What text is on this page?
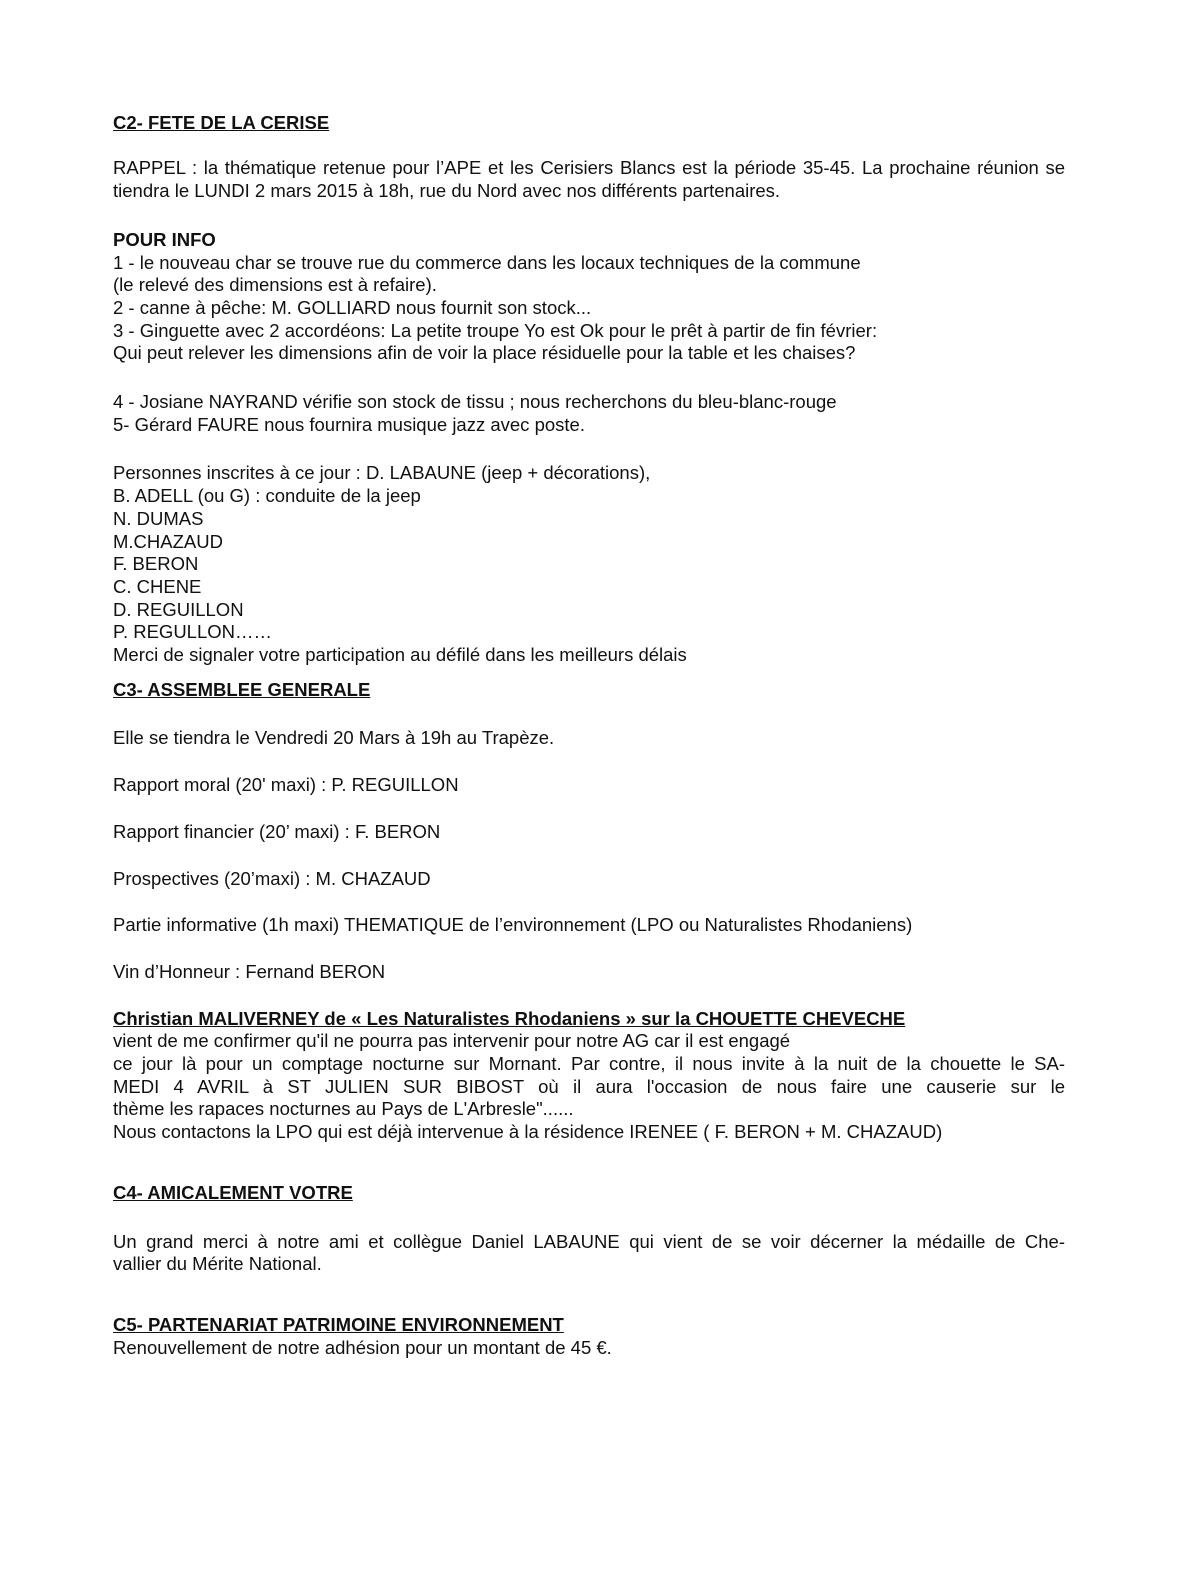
C2- FETE DE LA CERISE

RAPPEL : la thématique retenue pour l’APE et les Cerisiers Blancs est la période 35-45. La prochaine réunion se tiendra le LUNDI 2 mars 2015 à 18h, rue du Nord avec nos différents partenaires.

POUR INFO

1 - le nouveau char se trouve rue du commerce dans les locaux techniques de la commune
(le relevé des dimensions est à refaire).
2 - canne à pêche: M. GOLLIARD nous fournit son stock...
3 - Ginguette avec 2 accordéons: La petite troupe Yo est Ok pour le prêt à partir de fin février:
Qui peut relever les dimensions afin de voir la place résiduelle pour la table et les chaises?
4 - Josiane NAYRAND vérifie son stock de tissu ; nous recherchons du bleu-blanc-rouge
5- Gérard FAURE nous fournira musique jazz avec poste.
Personnes inscrites à ce jour : D. LABAUNE (jeep + décorations),
B. ADELL (ou G) : conduite de la jeep
N. DUMAS
M.CHAZAUD
F. BERON
C. CHENE
D. REGUILLON
P. REGULLON……
Merci de signaler votre participation au défilé dans les meilleurs délais

C3- ASSEMBLEE GENERALE

Elle se tiendra le Vendredi 20 Mars à 19h au Trapèze.

Rapport moral (20' maxi) : P. REGUILLON

Rapport financier (20’ maxi) : F. BERON

Prospectives (20’maxi) : M. CHAZAUD

Partie informative (1h maxi) THEMATIQUE de l’environnement (LPO ou Naturalistes Rhodaniens)

Vin d’Honneur : Fernand BERON

Christian MALIVERNEY de « Les Naturalistes Rhodaniens » sur la CHOUETTE CHEVECHE

vient de me confirmer qu'il ne pourra pas intervenir pour notre AG car il est engagé
ce jour là pour un comptage nocturne sur Mornant. Par contre, il nous invite à la nuit de la chouette le SA-
MEDI 4 AVRIL à ST JULIEN SUR BIBOST où il aura l'occasion de nous faire une causerie sur le
thème les rapaces nocturnes au Pays de L'Arbresle"......
Nous contactons la LPO qui est déjà intervenue à la résidence IRENEE ( F. BERON + M. CHAZAUD)

C4- AMICALEMENT VOTRE

Un grand merci à notre ami et collègue Daniel LABAUNE qui vient de se voir décerner la médaille de Che-
vallier du Mérite National.

C5- PARTENARIAT PATRIMOINE ENVIRONNEMENT

Renouvellement de notre adhésion pour un montant de 45 €.
